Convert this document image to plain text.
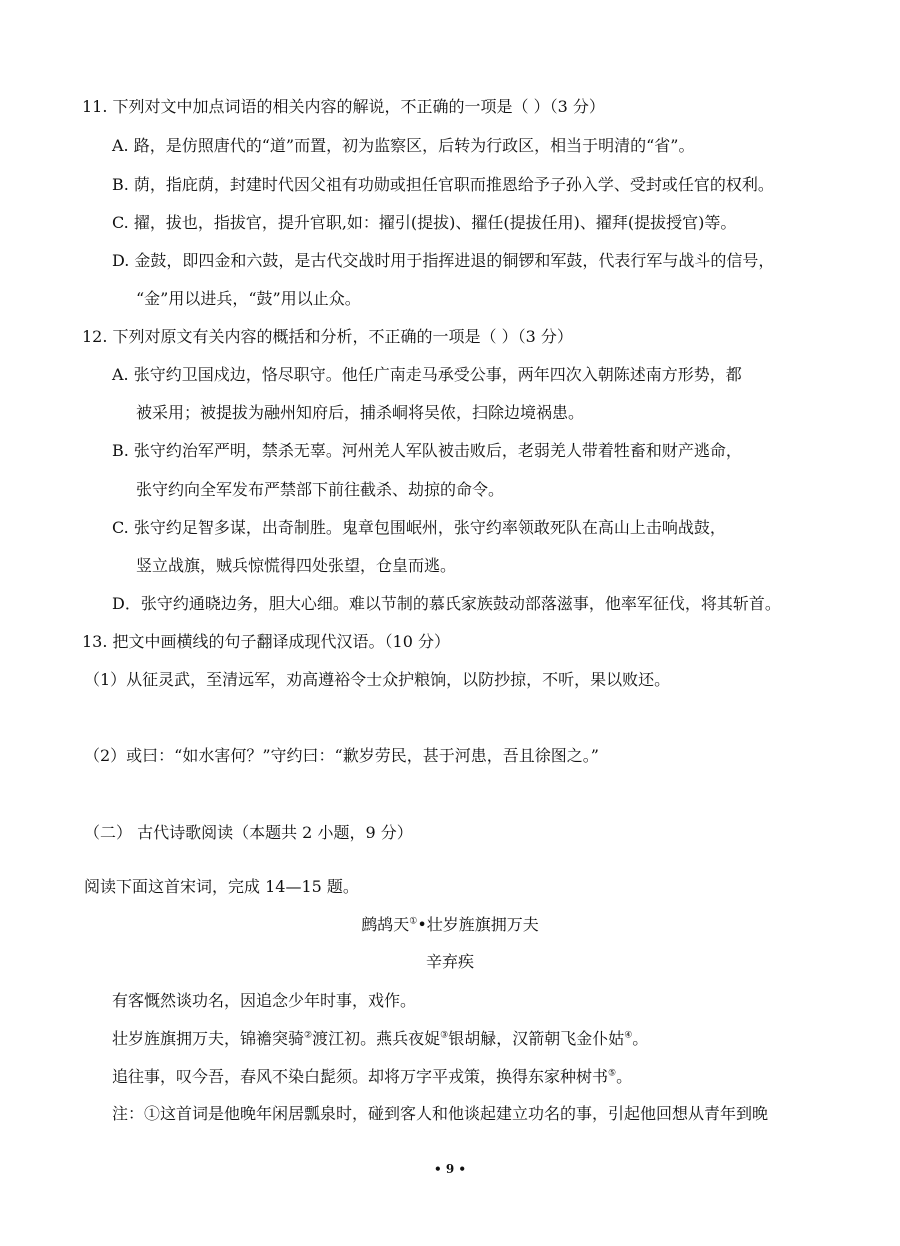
11. 下列对文中加点词语的相关内容的解说，不正确的一项是（ ）（3 分）
A. 路，是仿照唐代的“道”而置，初为监察区，后转为行政区，相当于明清的“省”。
B. 荫，指庇荫，封建时代因父祖有功勋或担任官职而推恩给予子孙入学、受封或任官的权利。
C. 擢，拔也，指拔官，提升官职,如：擢引(提拔)、擢任(提拔任用)、擢拜(提拔授官)等。
D. 金鼓，即四金和六鼓，是古代交战时用于指挥进退的铜锣和军鼓，代表行军与战斗的信号，
“金”用以进兵，“鼓”用以止众。
12. 下列对原文有关内容的概括和分析，不正确的一项是（ ）（3 分）
A. 张守约卫国戍边，恪尽职守。他任广南走马承受公事，两年四次入朝陈述南方形势，都
被采用；被提拔为融州知府后，捕杀峒将吴侬，扫除边境祸患。
B. 张守约治军严明，禁杀无辜。河州羌人军队被击败后，老弱羌人带着牲畜和财产逃命，
张守约向全军发布严禁部下前往截杀、劫掠的命令。
C. 张守约足智多谋，出奇制胜。鬼章包围岷州，张守约率领敢死队在高山上击响战鼓，
竖立战旗，贼兵惊慌得四处张望，仓皇而逃。
D．张守约通晓边务，胆大心细。难以节制的慕氏家族鼓动部落滋事，他率军征伐，将其斩首。
13. 把文中画横线的句子翻译成现代汉语。（10 分）
（1）从征灵武，至清远军，劝高遵裕令士众护粮饷，以防抄掠，不听，果以败还。
（2）或曰：“如水害何？”守约曰：“歉岁劳民，甚于河患，吾且徐图之。”
（二） 古代诗歌阅读（本题共 2 小题，9 分）
阅读下面这首宋词，完成 14—15 题。
鹧鸪天①•壮岁旌旗拥万夫
辛弃疾
有客慨然谈功名，因追念少年时事，戏作。
壮岁旌旗拥万夫，锦襜突骑②渡江初。燕兵夜娖③银胡觮，汉箭朝飞金仆姑④。
追往事，叹今吾，春风不染白髭须。却将万字平戎策，换得东家种树书⑤。
注：①这首词是他晚年闲居瓢泉时，碰到客人和他谈起建立功名的事，引起他回想从青年到晚
• 9 •
